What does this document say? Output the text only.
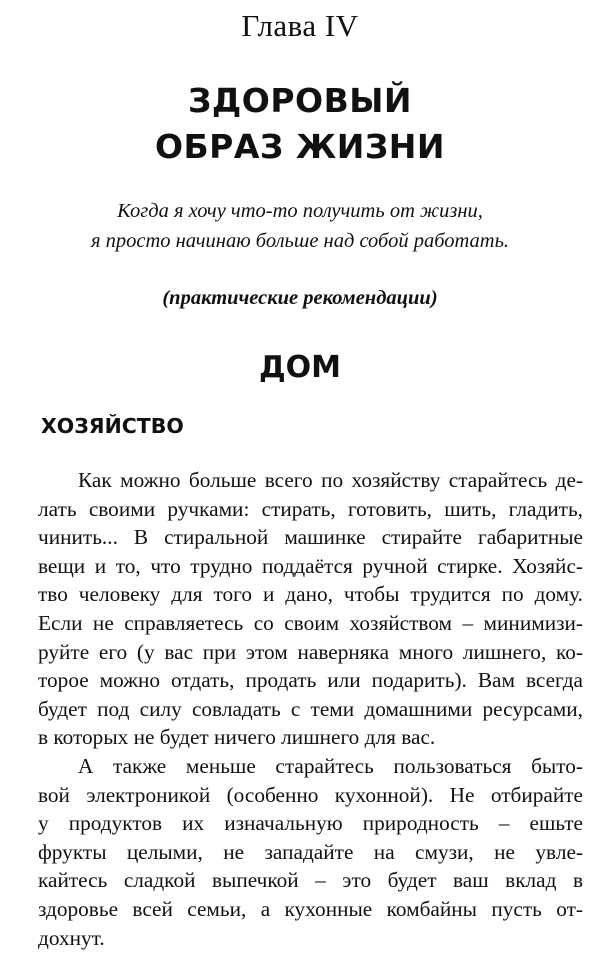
Глава IV
ЗДОРОВЫЙ
ОБРАЗ ЖИЗНИ
Когда я хочу что-то получить от жизни,
я просто начинаю больше над собой работать.
(практические рекомендации)
ДОМ
ХОЗЯЙСТВО
Как можно больше всего по хозяйству старайтесь де-
лать своими ручками: стирать, готовить, шить, гладить,
чинить... В стиральной машинке стирайте габаритные
вещи и то, что трудно поддаётся ручной стирке. Хозяйс-
тво человеку для того и дано, чтобы трудится по дому.
Если не справляетесь со своим хозяйством – минимизи-
руйте его (у вас при этом наверняка много лишнего, ко-
торое можно отдать, продать или подарить). Вам всегда
будет под силу совладать с теми домашними ресурсами,
в которых не будет ничего лишнего для вас.
А также меньше старайтесь пользоваться быто-
вой электроникой (особенно кухонной). Не отбирайте
у продуктов их изначальную природность – ешьте
фрукты целыми, не западайте на смузи, не увле-
кайтесь сладкой выпечкой – это будет ваш вклад в
здоровье всей семьи, а кухонные комбайны пусть от-
дохнут.
